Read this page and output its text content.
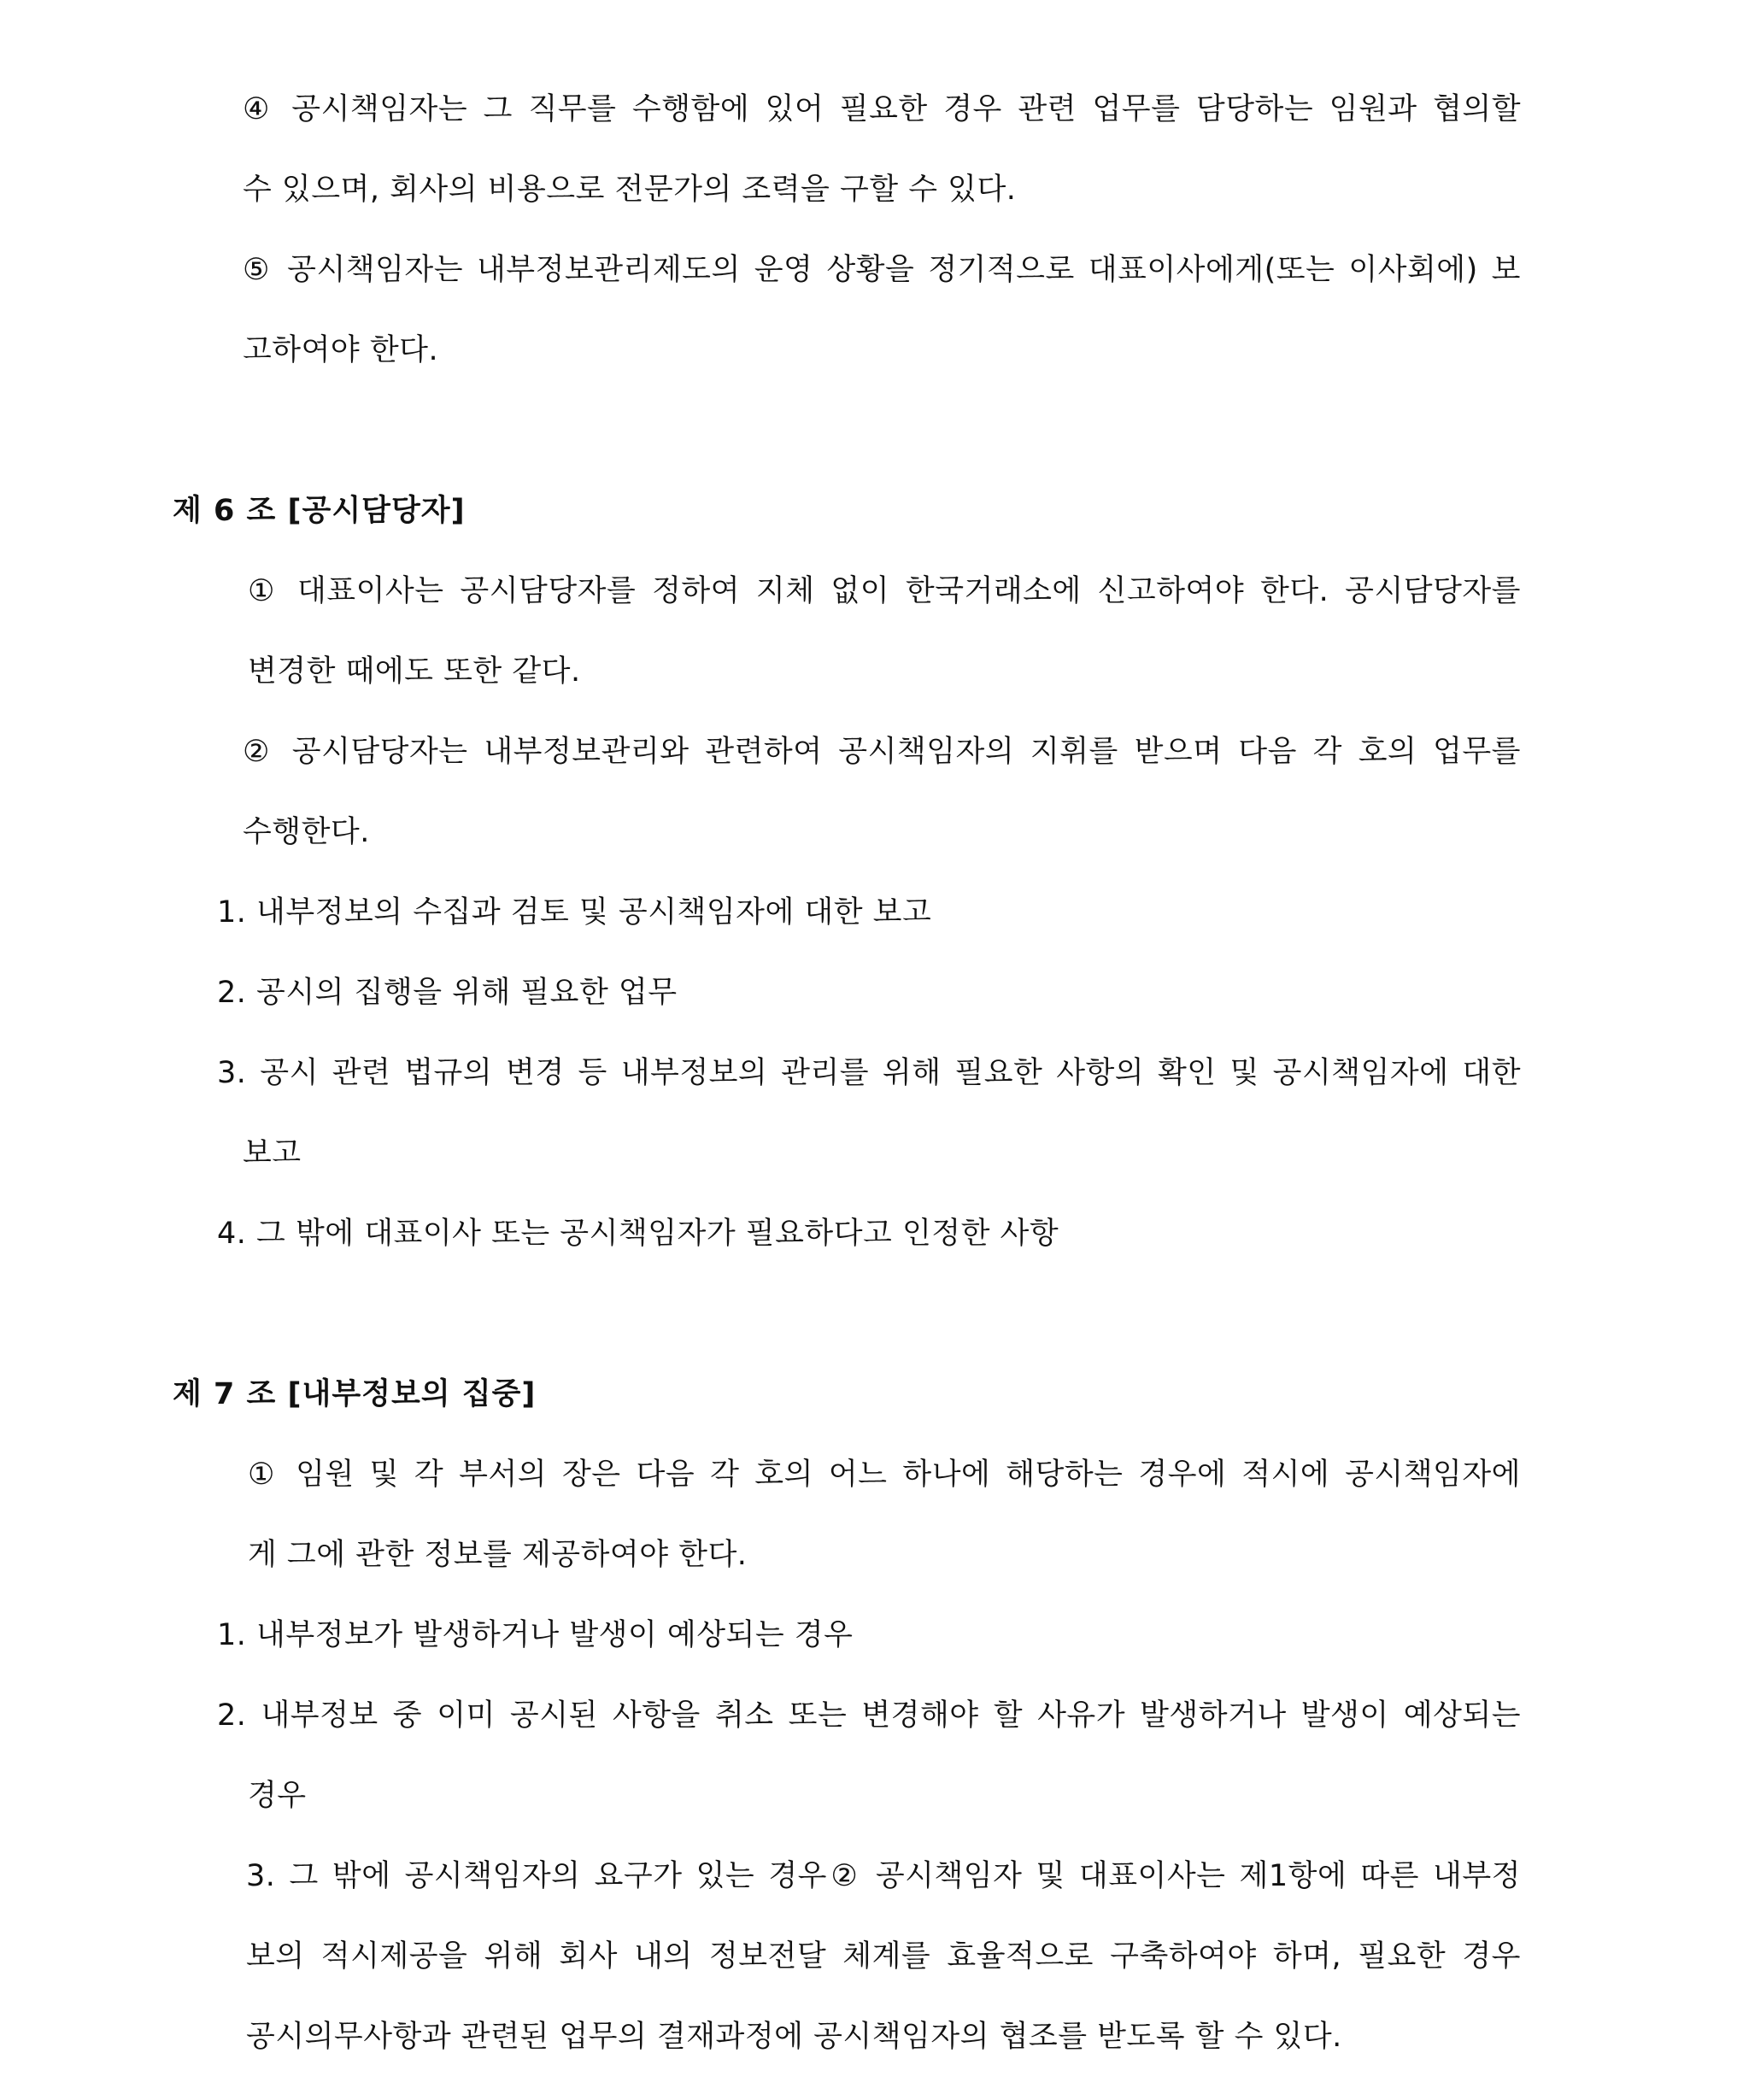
④ 공시책임자는 그 직무를 수행함에 있어 필요한 경우 관련 업무를 담당하는 임원과 협의할
수 있으며, 회사의 비용으로 전문가의 조력을 구할 수 있다.
⑤ 공시책임자는 내부정보관리제도의 운영 상황을 정기적으로 대표이사에게(또는 이사회에) 보
고하여야 한다.
제 6 조 [공시담당자]
① 대표이사는 공시담당자를 정하여 지체 없이 한국거래소에 신고하여야 한다. 공시담당자를
변경한 때에도 또한 같다.
② 공시담당자는 내부정보관리와 관련하여 공시책임자의 지휘를 받으며 다음 각 호의 업무를
수행한다.
1. 내부정보의 수집과 검토 및 공시책임자에 대한 보고
2. 공시의 집행을 위해 필요한 업무
3. 공시 관련 법규의 변경 등 내부정보의 관리를 위해 필요한 사항의 확인 및 공시책임자에 대한
보고
4. 그 밖에 대표이사 또는 공시책임자가 필요하다고 인정한 사항
제 7 조 [내부정보의 집중]
① 임원 및 각 부서의 장은 다음 각 호의 어느 하나에 해당하는 경우에 적시에 공시책임자에
게 그에 관한 정보를 제공하여야 한다.
1. 내부정보가 발생하거나 발생이 예상되는 경우
2. 내부정보 중 이미 공시된 사항을 취소 또는 변경해야 할 사유가 발생하거나 발생이 예상되는
경우
3. 그 밖에 공시책임자의 요구가 있는 경우② 공시책임자 및 대표이사는 제1항에 따른 내부정
보의 적시제공을 위해 회사 내의 정보전달 체계를 효율적으로 구축하여야 하며, 필요한 경우
공시의무사항과 관련된 업무의 결재과정에 공시책임자의 협조를 받도록 할 수 있다.
